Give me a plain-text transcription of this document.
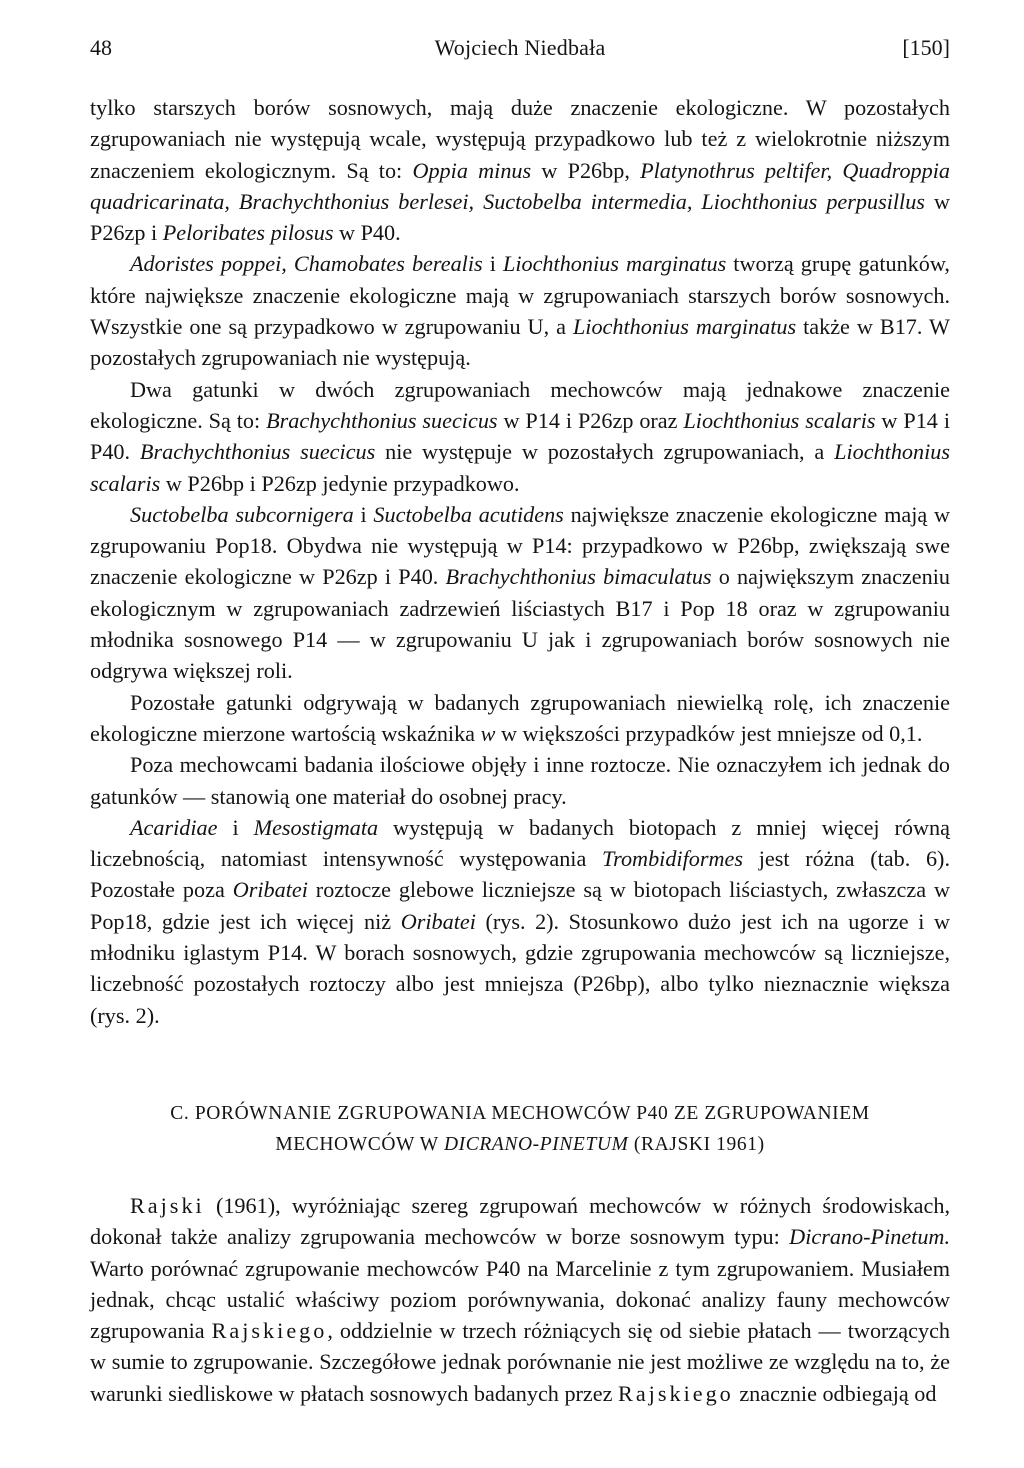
48	Wojciech Niedbała	[150]

tylko starszych borów sosnowych, mają duże znaczenie ekologiczne. W pozostałych zgrupowaniach nie występują wcale, występują przypadkowo lub też z wielokrotnie niższym znaczeniem ekologicznym. Są to: Oppia minus w P26bp, Platynothrus peltifer, Quadroppia quadricarinata, Brachychthonius berlesei, Suctobelba intermedia, Liochthonius perpusillus w P26zp i Peloribates pilosus w P40.

Adoristes poppei, Chamobates berealis i Liochthonius marginatus tworzą grupę gatunków, które największe znaczenie ekologiczne mają w zgrupowaniach starszych borów sosnowych. Wszystkie one są przypadkowo w zgrupowaniu U, a Liochthonius marginatus także w B17. W pozostałych zgrupowaniach nie występują.

Dwa gatunki w dwóch zgrupowaniach mechowców mają jednakowe znaczenie ekologiczne. Są to: Brachychthonius suecicus w P14 i P26zp oraz Liochthonius scalaris w P14 i P40. Brachychthonius suecicus nie występuje w pozostałych zgrupowaniach, a Liochthonius scalaris w P26bp i P26zp jedynie przypadkowo.

Suctobelba subcornigera i Suctobelba acutidens największe znaczenie ekologiczne mają w zgrupowaniu Pop18. Obydwa nie występują w P14: przypadkowo w P26bp, zwiększają swe znaczenie ekologiczne w P26zp i P40. Brachychthonius bimaculatus o największym znaczeniu ekologicznym w zgrupowaniach zadrzewień liściastych B17 i Pop 18 oraz w zgrupowaniu młodnika sosnowego P14 — w zgrupowaniu U jak i zgrupowaniach borów sosnowych nie odgrywa większej roli.

Pozostałe gatunki odgrywają w badanych zgrupowaniach niewielką rolę, ich znaczenie ekologiczne mierzone wartością wskaźnika w w większości przypadków jest mniejsze od 0,1.

Poza mechowcami badania ilościowe objęły i inne roztocze. Nie oznaczyłem ich jednak do gatunków — stanowią one materiał do osobnej pracy.

Acaridiae i Mesostigmata występują w badanych biotopach z mniej więcej równą liczebnością, natomiast intensywność występowania Trombidiformes jest różna (tab. 6). Pozostałe poza Oribatei roztocze glebowe liczniejsze są w biotopach liściastych, zwłaszcza w Pop18, gdzie jest ich więcej niż Oribatei (rys. 2). Stosunkowo dużo jest ich na ugorze i w młodniku iglastym P14. W borach sosnowych, gdzie zgrupowania mechowców są liczniejsze, liczebność pozostałych roztoczy albo jest mniejsza (P26bp), albo tylko nieznacznie większa (rys. 2).

C. PORÓWNANIE ZGRUPOWANIA MECHOWCÓW P40 ZE ZGRUPOWANIEM
MECHOWCÓW W DICRANO-PINETUM (RAJSKI 1961)

Rajski (1961), wyróżniając szereg zgrupowań mechowców w różnych środowiskach, dokonał także analizy zgrupowania mechowców w borze sosnowym typu: Dicrano-Pinetum. Warto porównać zgrupowanie mechowców P40 na Marcelinie z tym zgrupowaniem. Musiałem jednak, chcąc ustalić właściwy poziom porównywania, dokonać analizy fauny mechowców zgrupowania Rajskiego, oddzielnie w trzech różniących się od siebie płatach — tworzących w sumie to zgrupowanie. Szczegółowe jednak porównanie nie jest możliwe ze względu na to, że warunki siedliskowe w płatach sosnowych badanych przez Rajskiego znacznie odbiegają od
